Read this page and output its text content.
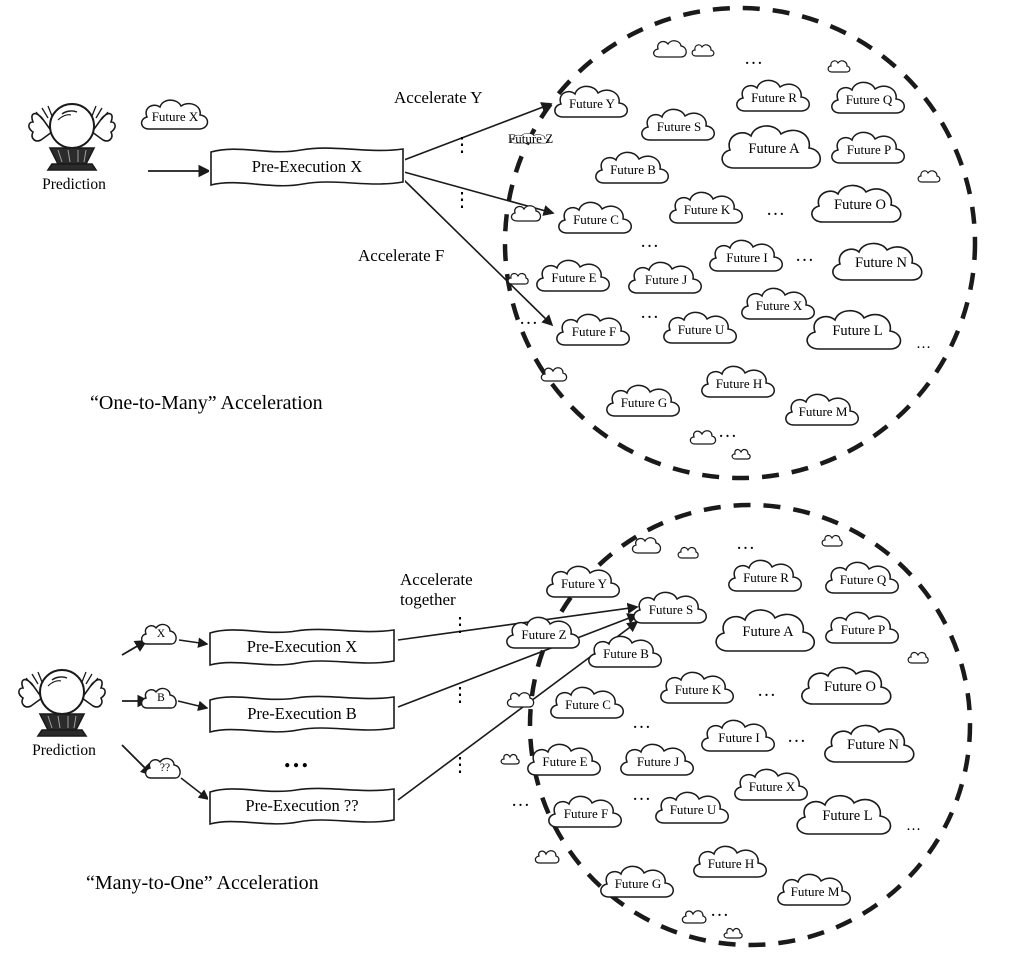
Prediction
Future X
Pre-Execution X
Accelerate Y
Accelerate F
⋮
⋮
Future Y	Future R	Future Q
Future S
Future Z
Future B
Future A	Future P
Future C
Future K	Future O
Future E	Future J
Future I	Future N
Future X
Future F	Future U	Future L
Future G
Future H
Future M
…
…
…
…
…
…
…
…
“One-to-Many” Acceleration
Prediction
X
B
??
Pre-Execution X
Pre-Execution B
Pre-Execution ??
…
Accelerate
together
⋮
⋮
⋮
Future Y	Future R	Future Q
Future S
Future Z
Future B
Future A	Future P
Future C
Future K	Future O
Future E	Future J
Future I	Future N
Future X
Future F	Future U	Future L
Future G
Future H
Future M
…
…
…
…
…
…
…
…
“Many-to-One” Acceleration
